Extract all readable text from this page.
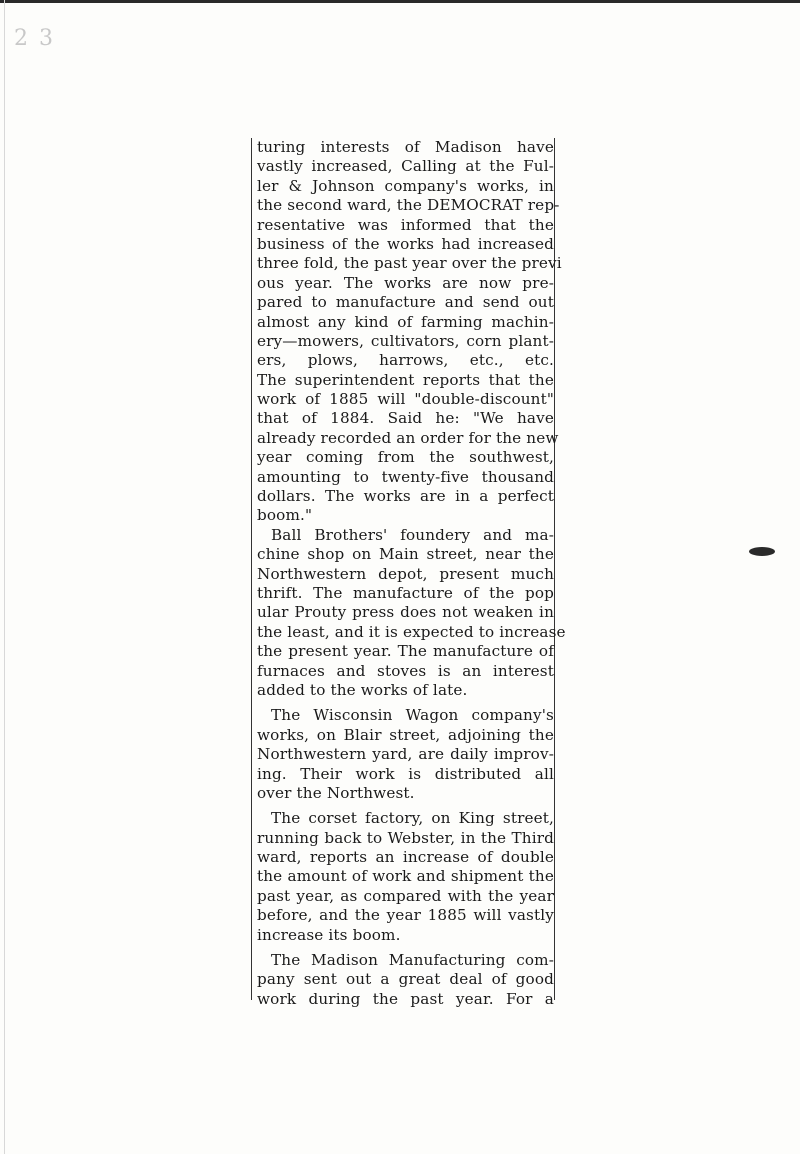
2 3
turing interests of Madison have
vastly increased, Calling at the Ful-
ler & Johnson company's works, in
the second ward, the DEMOCRAT rep-
resentative was informed that the
business of the works had increased
three fold, the past year over the previ
ous year. The works are now pre-
pared to manufacture and send out
almost any kind of farming machin-
ery—mowers, cultivators, corn plant-
ers, plows, harrows, etc., etc.
The superintendent reports that the
work of 1885 will "double-discount"
that of 1884. Said he: "We have
already recorded an order for the new
year coming from the southwest,
amounting to twenty-five thousand
dollars. The works are in a perfect
boom."
Ball Brothers' foundery and ma-
chine shop on Main street, near the
Northwestern depot, present much
thrift. The manufacture of the pop
ular Prouty press does not weaken in
the least, and it is expected to increase
the present year. The manufacture of
furnaces and stoves is an interest
added to the works of late.
The Wisconsin Wagon company's
works, on Blair street, adjoining the
Northwestern yard, are daily improv-
ing. Their work is distributed all
over the Northwest.
The corset factory, on King street,
running back to Webster, in the Third
ward, reports an increase of double
the amount of work and shipment the
past year, as compared with the year
before, and the year 1885 will vastly
increase its boom.
The Madison Manufacturing com-
pany sent out a great deal of good
work during the past year. For a
